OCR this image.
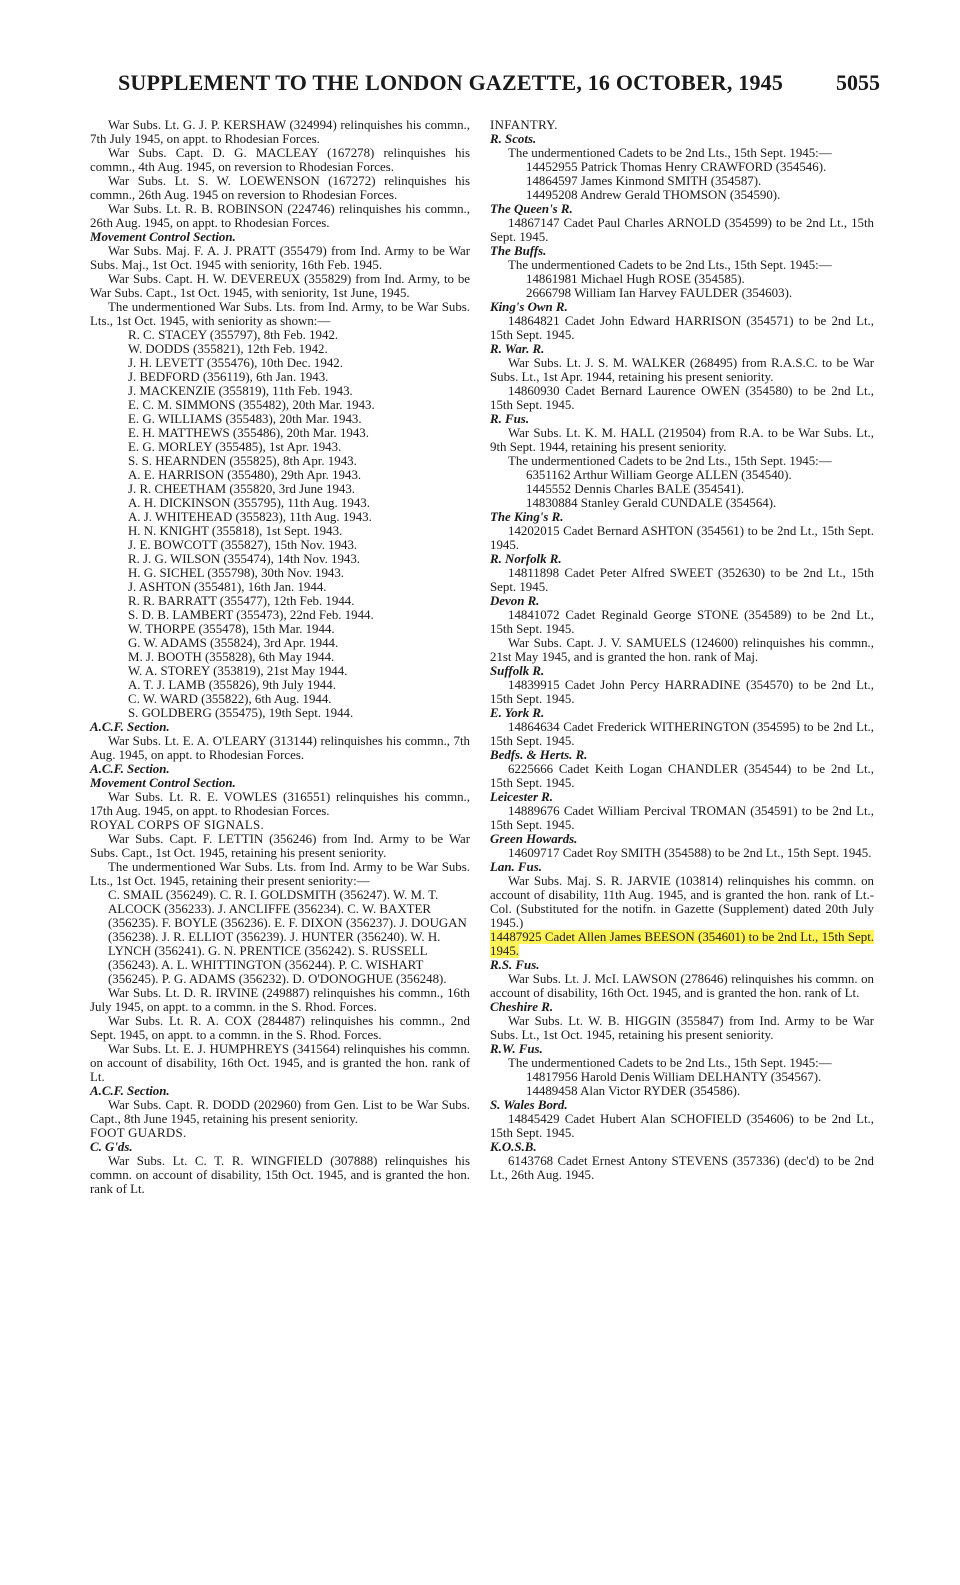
SUPPLEMENT TO THE LONDON GAZETTE, 16 OCTOBER, 1945 5055
War Subs. Lt. G. J. P. KERSHAW (324994) relinquishes his commn., 7th July 1945, on appt. to Rhodesian Forces.
War Subs. Capt. D. G. MACLEAY (167278) relinquishes his commn., 4th Aug. 1945, on reversion to Rhodesian Forces.
War Subs. Lt. S. W. LOEWENSON (167272) relinquishes his commn., 26th Aug. 1945 on reversion to Rhodesian Forces.
War Subs. Lt. R. B. ROBINSON (224746) relinquishes his commn., 26th Aug. 1945, on appt. to Rhodesian Forces.
Movement Control Section.
War Subs. Maj. F. A. J. PRATT (355479) from Ind. Army to be War Subs. Maj., 1st Oct. 1945 with seniority, 16th Feb. 1945.
War Subs. Capt. H. W. DEVEREUX (355829) from Ind. Army, to be War Subs. Capt., 1st Oct. 1945, with seniority, 1st June, 1945.
The undermentioned War Subs. Lts. from Ind. Army, to be War Subs. Lts., 1st Oct. 1945, with seniority as shown:—
R. C. STACEY (355797), 8th Feb. 1942.
W. DODDS (355821), 12th Feb. 1942.
J. H. LEVETT (355476), 10th Dec. 1942.
J. BEDFORD (356119), 6th Jan. 1943.
J. MACKENZIE (355819), 11th Feb. 1943.
E. C. M. SIMMONS (355482), 20th Mar. 1943.
E. G. WILLIAMS (355483), 20th Mar. 1943.
E. H. MATTHEWS (355486), 20th Mar. 1943.
E. G. MORLEY (355485), 1st Apr. 1943.
S. S. HEARNDEN (355825), 8th Apr. 1943.
A. E. HARRISON (355480), 29th Apr. 1943.
J. R. CHEETHAM (355820, 3rd June 1943.
A. H. DICKINSON (355795), 11th Aug. 1943.
A. J. WHITEHEAD (355823), 11th Aug. 1943.
H. N. KNIGHT (355818), 1st Sept. 1943.
J. E. BOWCOTT (355827), 15th Nov. 1943.
R. J. G. WILSON (355474), 14th Nov. 1943.
H. G. SICHEL (355798), 30th Nov. 1943.
J. ASHTON (355481), 16th Jan. 1944.
R. R. BARRATT (355477), 12th Feb. 1944.
S. D. B. LAMBERT (355473), 22nd Feb. 1944.
W. THORPE (355478), 15th Mar. 1944.
G. W. ADAMS (355824), 3rd Apr. 1944.
M. J. BOOTH (355828), 6th May 1944.
W. A. STOREY (353819), 21st May 1944.
A. T. J. LAMB (355826), 9th July 1944.
C. W. WARD (355822), 6th Aug. 1944.
S. GOLDBERG (355475), 19th Sept. 1944.
A.C.F. Section.
War Subs. Lt. E. A. O'LEARY (313144) relinquishes his commn., 7th Aug. 1945, on appt. to Rhodesian Forces.
A.C.F. Section.
Movement Control Section.
War Subs. Lt. R. E. VOWLES (316551) relinquishes his commn., 17th Aug. 1945, on appt. to Rhodesian Forces.
ROYAL CORPS OF SIGNALS.
War Subs. Capt. F. LETTIN (356246) from Ind. Army to be War Subs. Capt., 1st Oct. 1945, retaining his present seniority.
The undermentioned War Subs. Lts. from Ind. Army to be War Subs. Lts., 1st Oct. 1945, retaining their present seniority:—
C. SMAIL (356249). C. R. I. GOLDSMITH (356247). W. M. T. ALCOCK (356233). J. ANCLIFFE (356234). C. W. BAXTER (356235). F. BOYLE (356236). E. F. DIXON (356237). J. DOUGAN (356238). J. R. ELLIOT (356239). J. HUNTER (356240). W. H. LYNCH (356241). G. N. PRENTICE (356242). S. RUSSELL (356243). A. L. WHITTINGTON (356244). P. C. WISHART (356245). P. G. ADAMS (356232). D. O'DONOGHUE (356248).
War Subs. Lt. D. R. IRVINE (249887) relinquishes his commn., 16th July 1945, on appt. to a commn. in the S. Rhod. Forces.
War Subs. Lt. R. A. COX (284487) relinquishes his commn., 2nd Sept. 1945, on appt. to a commn. in the S. Rhod. Forces.
War Subs. Lt. E. J. HUMPHREYS (341564) relinquishes his commn. on account of disability, 16th Oct. 1945, and is granted the hon. rank of Lt.
A.C.F. Section.
War Subs. Capt. R. DODD (202960) from Gen. List to be War Subs. Capt., 8th June 1945, retaining his present seniority.
FOOT GUARDS.
C. G'ds.
War Subs. Lt. C. T. R. WINGFIELD (307888) relinquishes his commn. on account of disability, 15th Oct. 1945, and is granted the hon. rank of Lt.
INFANTRY.
R. Scots.
The undermentioned Cadets to be 2nd Lts., 15th Sept. 1945:—
14452955 Patrick Thomas Henry CRAWFORD (354546).
14864597 James Kinmond SMITH (354587).
14495208 Andrew Gerald THOMSON (354590).
The Queen's R.
14867147 Cadet Paul Charles ARNOLD (354599) to be 2nd Lt., 15th Sept. 1945.
The Buffs.
The undermentioned Cadets to be 2nd Lts., 15th Sept. 1945:—
14861981 Michael Hugh ROSE (354585).
2666798 William Ian Harvey FAULDER (354603).
King's Own R.
14864821 Cadet John Edward HARRISON (354571) to be 2nd Lt., 15th Sept. 1945.
R. War. R.
War Subs. Lt. J. S. M. WALKER (268495) from R.A.S.C. to be War Subs. Lt., 1st Apr. 1944, retaining his present seniority.
14860930 Cadet Bernard Laurence OWEN (354580) to be 2nd Lt., 15th Sept. 1945.
R. Fus.
War Subs. Lt. K. M. HALL (219504) from R.A. to be War Subs. Lt., 9th Sept. 1944, retaining his present seniority.
The undermentioned Cadets to be 2nd Lts., 15th Sept. 1945:—
6351162 Arthur William George ALLEN (354540).
1445552 Dennis Charles BALE (354541).
14830884 Stanley Gerald CUNDALE (354564).
The King's R.
14202015 Cadet Bernard ASHTON (354561) to be 2nd Lt., 15th Sept. 1945.
R. Norfolk R.
14811898 Cadet Peter Alfred SWEET (352630) to be 2nd Lt., 15th Sept. 1945.
Devon R.
14841072 Cadet Reginald George STONE (354589) to be 2nd Lt., 15th Sept. 1945.
War Subs. Capt. J. V. SAMUELS (124600) relinquishes his commn., 21st May 1945, and is granted the hon. rank of Maj.
Suffolk R.
14839915 Cadet John Percy HARRADINE (354570) to be 2nd Lt., 15th Sept. 1945.
E. York R.
14864634 Cadet Frederick WITHERINGTON (354595) to be 2nd Lt., 15th Sept. 1945.
Bedfs. & Herts. R.
6225666 Cadet Keith Logan CHANDLER (354544) to be 2nd Lt., 15th Sept. 1945.
Leicester R.
14889676 Cadet William Percival TROMAN (354591) to be 2nd Lt., 15th Sept. 1945.
Green Howards.
14609717 Cadet Roy SMITH (354588) to be 2nd Lt., 15th Sept. 1945.
Lan. Fus.
War Subs. Maj. S. R. JARVIE (103814) relinquishes his commn. on account of disability, 11th Aug. 1945, and is granted the hon. rank of Lt.-Col. (Substituted for the notifn. in Gazette (Supplement) dated 20th July 1945.)
14487925 Cadet Allen James BEESON (354601) to be 2nd Lt., 15th Sept. 1945.
R.S. Fus.
War Subs. Lt. J. McI. LAWSON (278646) relinquishes his commn. on account of disability, 16th Oct. 1945, and is granted the hon. rank of Lt.
Cheshire R.
War Subs. Lt. W. B. HIGGIN (355847) from Ind. Army to be War Subs. Lt., 1st Oct. 1945, retaining his present seniority.
R.W. Fus.
The undermentioned Cadets to be 2nd Lts., 15th Sept. 1945:—
14817956 Harold Denis William DELHANTY (354567).
14489458 Alan Victor RYDER (354586).
S. Wales Bord.
14845429 Cadet Hubert Alan SCHOFIELD (354606) to be 2nd Lt., 15th Sept. 1945.
K.O.S.B.
6143768 Cadet Ernest Antony STEVENS (357336) (dec'd) to be 2nd Lt., 26th Aug. 1945.
